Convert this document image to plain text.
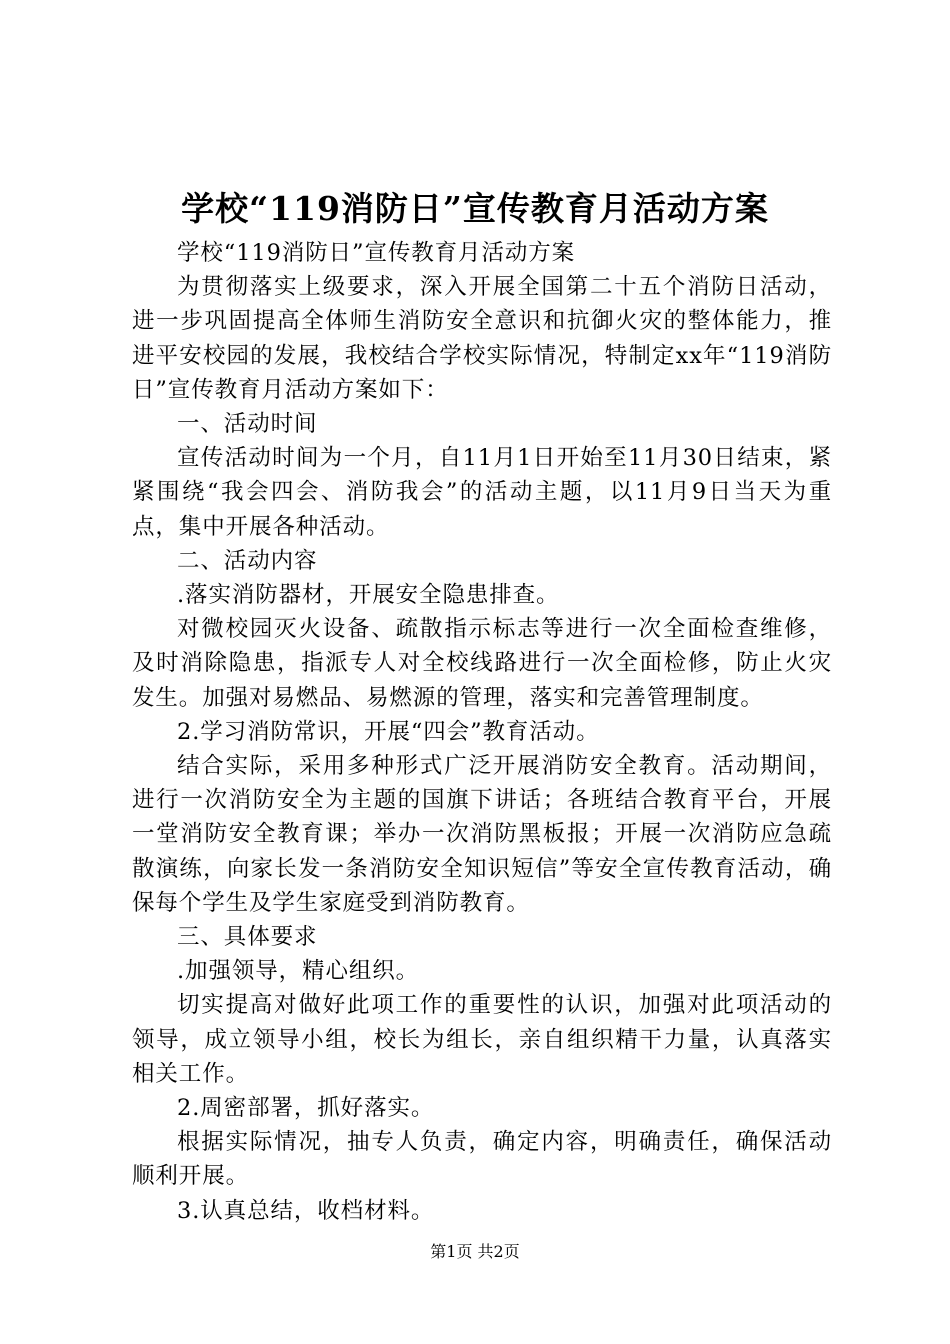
学校“119消防日”宣传教育月活动方案

学校“119消防日”宣传教育月活动方案

为贯彻落实上级要求，深入开展全国第二十五个消防日活动，进一步巩固提高全体师生消防安全意识和抗御火灾的整体能力，推进平安校园的发展，我校结合学校实际情况，特制定xx年“119消防日”宣传教育月活动方案如下：

一、活动时间

宣传活动时间为一个月，自11月1日开始至11月30日结束，紧紧围绕“我会四会、消防我会”的活动主题，以11月9日当天为重点，集中开展各种活动。

二、活动内容

.落实消防器材，开展安全隐患排查。

对微校园灭火设备、疏散指示标志等进行一次全面检查维修，及时消除隐患，指派专人对全校线路进行一次全面检修，防止火灾发生。加强对易燃品、易燃源的管理，落实和完善管理制度。

2.学习消防常识，开展“四会”教育活动。

结合实际，采用多种形式广泛开展消防安全教育。活动期间，进行一次消防安全为主题的国旗下讲话；各班结合教育平台，开展一堂消防安全教育课；举办一次消防黑板报；开展一次消防应急疏散演练，向家长发一条消防安全知识短信”等安全宣传教育活动，确保每个学生及学生家庭受到消防教育。

三、具体要求

.加强领导，精心组织。

切实提高对做好此项工作的重要性的认识，加强对此项活动的领导，成立领导小组，校长为组长，亲自组织精干力量，认真落实相关工作。

2.周密部署，抓好落实。

根据实际情况，抽专人负责，确定内容，明确责任，确保活动顺利开展。

3.认真总结，收档材料。

第1页 共2页
